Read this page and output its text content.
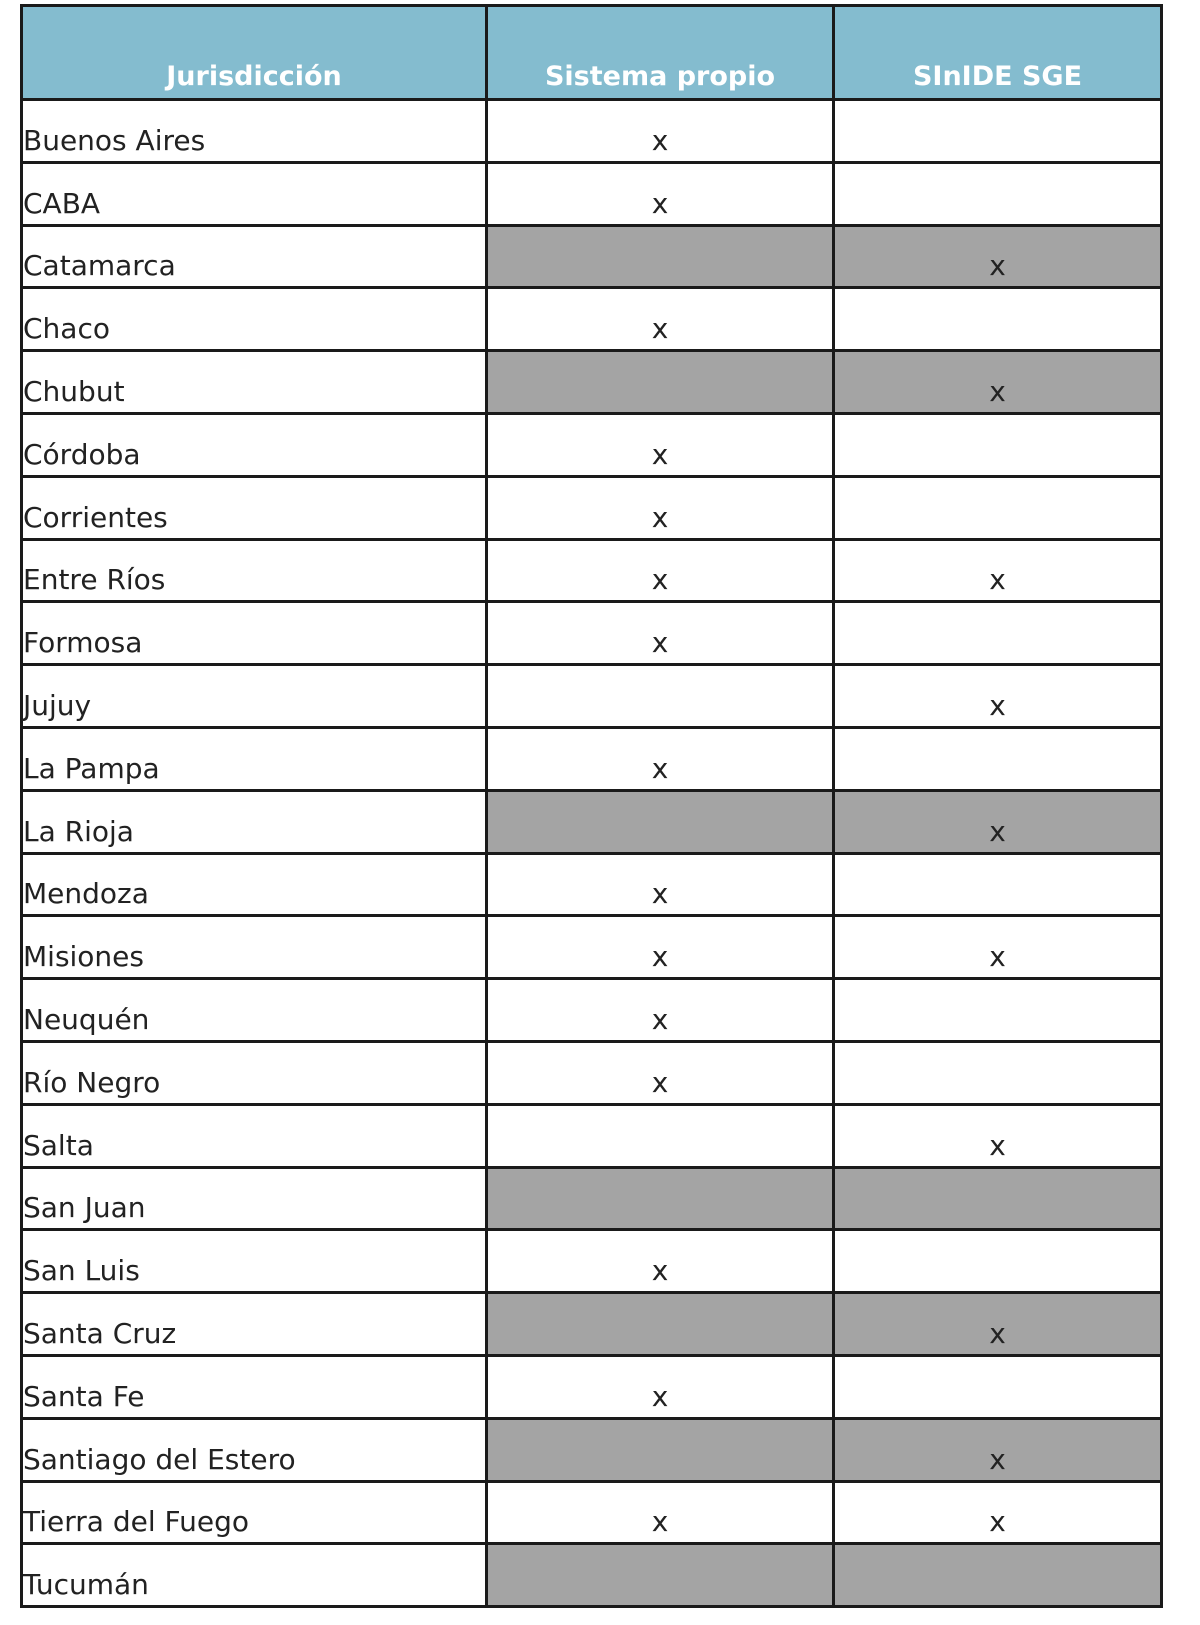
Jurisdicción	Sistema propio	SInIDE SGE
Buenos Aires	x	
CABA	x	
Catamarca		x
Chaco	x	
Chubut		x
Córdoba	x	
Corrientes	x	
Entre Ríos	x	x
Formosa	x	
Jujuy		x
La Pampa	x	
La Rioja		x
Mendoza	x	
Misiones	x	x
Neuquén	x	
Río Negro	x	
Salta		x
San Juan		
San Luis	x	
Santa Cruz		x
Santa Fe	x	
Santiago del Estero		x
Tierra del Fuego	x	x
Tucumán		
